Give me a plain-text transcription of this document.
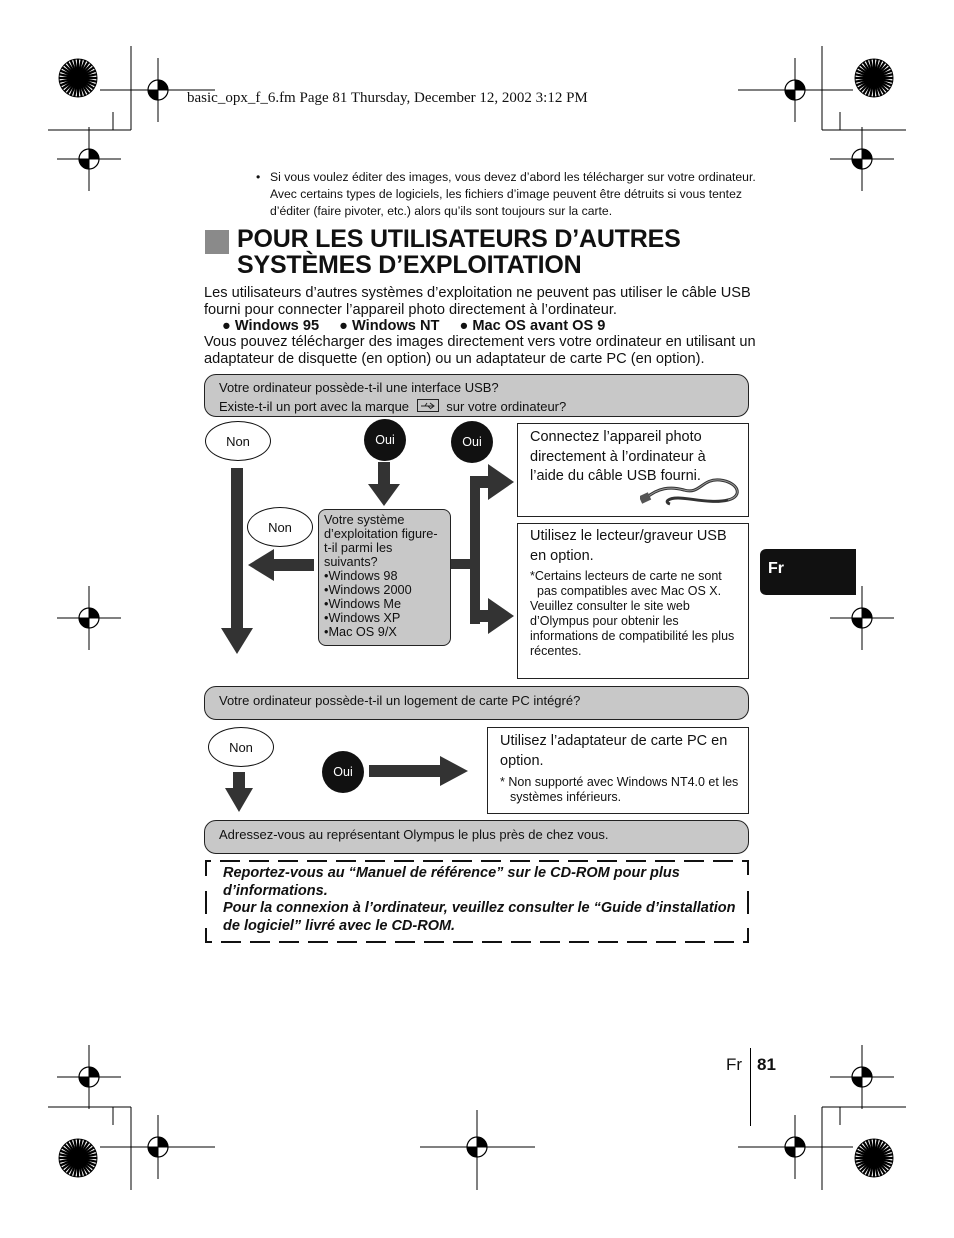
basic_opx_f_6.fm Page 81 Thursday, December 12, 2002 3:12 PM
• Si vous voulez éditer des images, vous devez d’abord les télécharger sur votre ordinateur. Avec certains types de logiciels, les fichiers d’image peuvent être détruits si vous tentez d’éditer (faire pivoter, etc.) alors qu’ils sont toujours sur la carte.
POUR LES UTILISATEURS D’AUTRES
SYSTÈMES D’EXPLOITATION
Les utilisateurs d’autres systèmes d’exploitation ne peuvent pas utiliser le câble USB fourni pour connecter l’appareil photo directement à l’ordinateur.
● Windows 95 ● Windows NT ● Mac OS avant OS 9
Vous pouvez télécharger des images directement vers votre ordinateur en utilisant un adaptateur de disquette (en option) ou un adaptateur de carte PC (en option).
Votre ordinateur possède-t-il une interface USB?
Existe-t-il un port avec la marque	sur votre ordinateur?
Non	Oui	Oui	Connectez l’appareil photo directement à l’ordinateur à l’aide du câble USB fourni.
Non	Votre système d’exploitation figure-t-il parmi les suivants?
•Windows 98
•Windows 2000
•Windows Me
•Windows XP
•Mac OS 9/X
Utilisez le lecteur/graveur USB en option.
*Certains lecteurs de carte ne sont pas compatibles avec Mac OS X.
Veuillez consulter le site web d’Olympus pour obtenir les informations de compatibilité les plus récentes.
Votre ordinateur possède-t-il un logement de carte PC intégré?
Non
Oui
Utilisez l’adaptateur de carte PC en option.
* Non supporté avec Windows NT4.0 et les systèmes inférieurs.
Adressez-vous au représentant Olympus le plus près de chez vous.
Reportez-vous au “Manuel de référence” sur le CD-ROM pour plus d’informations.
Pour la connexion à l’ordinateur, veuillez consulter le “Guide d’installation de logiciel” livré avec le CD-ROM.
Fr
Fr 81
